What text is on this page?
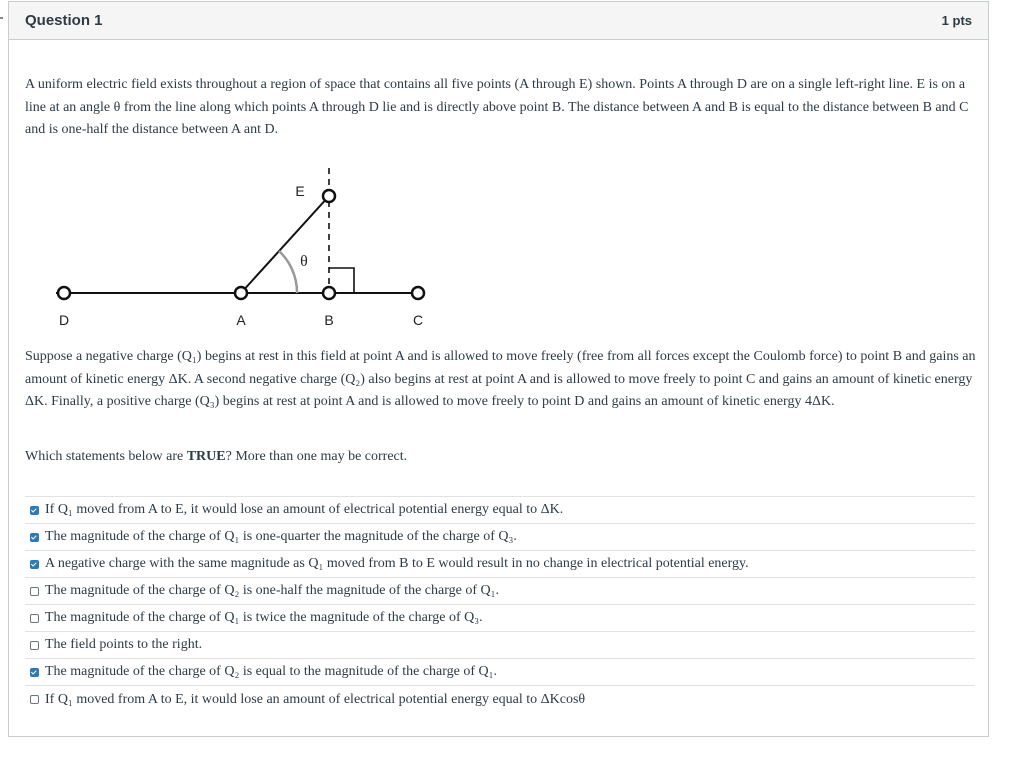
Question 1	1 pts

A uniform electric field exists throughout a region of space that contains all five points (A through E) shown. Points A through D are on a single left-right line. E is on a line at an angle θ from the line along which points A through D lie and is directly above point B. The distance between A and B is equal to the distance between B and C and is one-half the distance between A ant D.

D	A	B	C
E
θ

Suppose a negative charge (Q₁) begins at rest in this field at point A and is allowed to move freely (free from all forces except the Coulomb force) to point B and gains an amount of kinetic energy ΔK. A second negative charge (Q₂) also begins at rest at point A and is allowed to move freely to point C and gains an amount of kinetic energy ΔK. Finally, a positive charge (Q₃) begins at rest at point A and is allowed to move freely to point D and gains an amount of kinetic energy 4ΔK.

Which statements below are TRUE? More than one may be correct.

If Q₁ moved from A to E, it would lose an amount of electrical potential energy equal to ΔK.
The magnitude of the charge of Q₁ is one-quarter the magnitude of the charge of Q₃.
A negative charge with the same magnitude as Q₁ moved from B to E would result in no change in electrical potential energy.
The magnitude of the charge of Q₂ is one-half the magnitude of the charge of Q₁.
The magnitude of the charge of Q₁ is twice the magnitude of the charge of Q₃.
The field points to the right.
The magnitude of the charge of Q₂ is equal to the magnitude of the charge of Q₁.
If Q₁ moved from A to E, it would lose an amount of electrical potential energy equal to ΔKcosθ
